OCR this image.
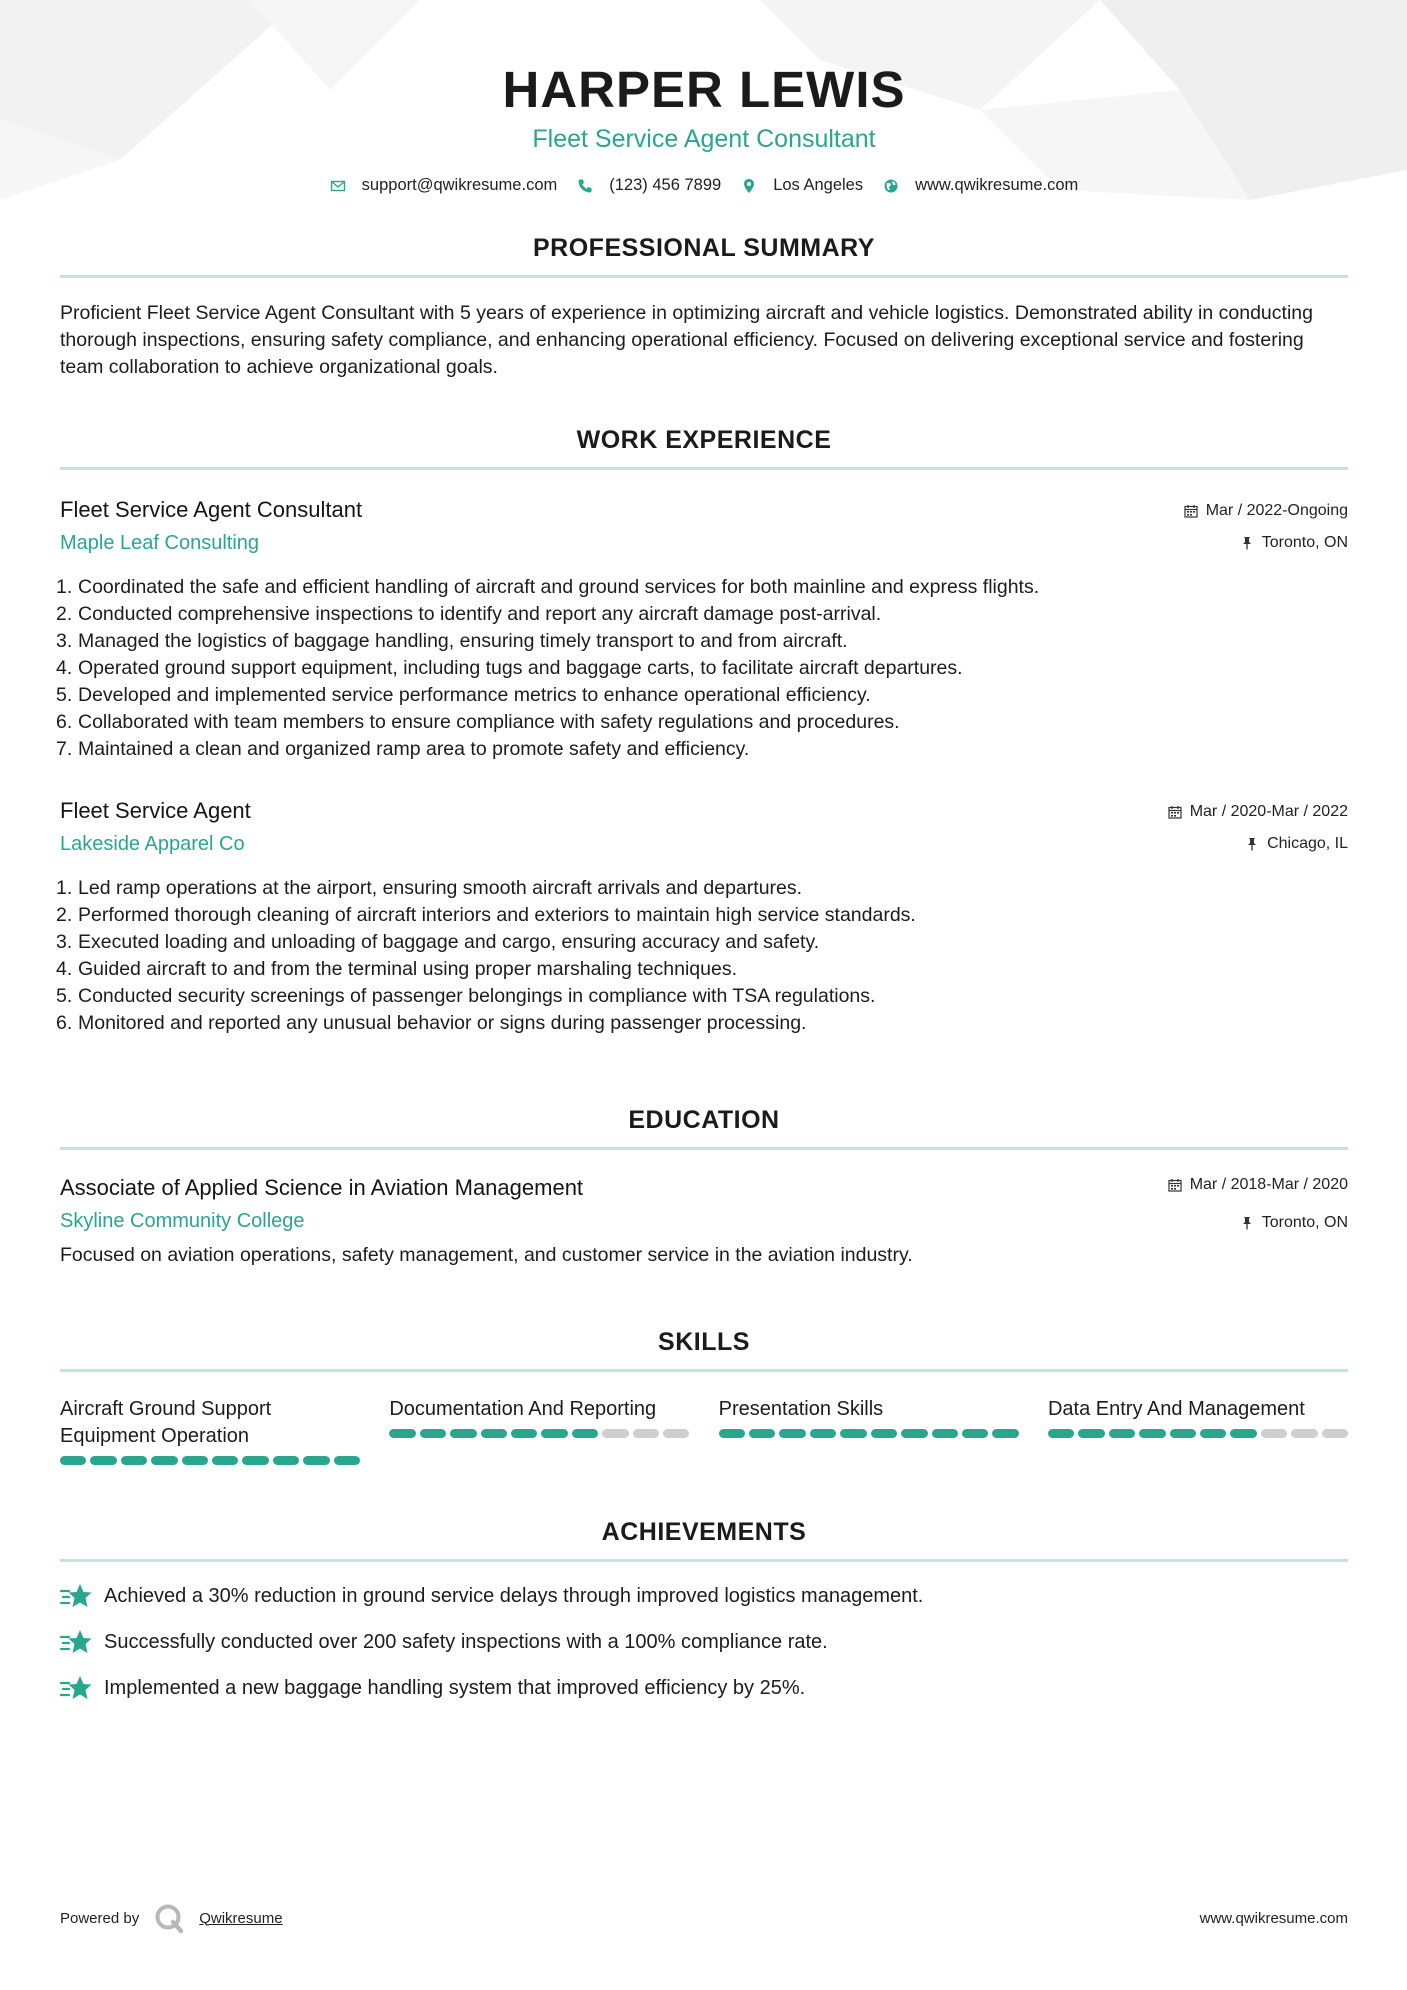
HARPER LEWIS
Fleet Service Agent Consultant
support@qwikresume.com	(123) 456 7899	Los Angeles	www.qwikresume.com
PROFESSIONAL SUMMARY

Proficient Fleet Service Agent Consultant with 5 years of experience in optimizing aircraft and vehicle logistics. Demonstrated ability in conducting thorough inspections, ensuring safety compliance, and enhancing operational efficiency. Focused on delivering exceptional service and fostering team collaboration to achieve organizational goals.

WORK EXPERIENCE
Fleet Service Agent Consultant
Maple Leaf Consulting
Mar / 2022-Ongoing
Toronto, ON
Coordinated the safe and efficient handling of aircraft and ground services for both mainline and express flights.
Conducted comprehensive inspections to identify and report any aircraft damage post-arrival.
Managed the logistics of baggage handling, ensuring timely transport to and from aircraft.
Operated ground support equipment, including tugs and baggage carts, to facilitate aircraft departures.
Developed and implemented service performance metrics to enhance operational efficiency.
Collaborated with team members to ensure compliance with safety regulations and procedures.
Maintained a clean and organized ramp area to promote safety and efficiency.
Fleet Service Agent
Lakeside Apparel Co
Mar / 2020-Mar / 2022
Chicago, IL
Led ramp operations at the airport, ensuring smooth aircraft arrivals and departures.
Performed thorough cleaning of aircraft interiors and exteriors to maintain high service standards.
Executed loading and unloading of baggage and cargo, ensuring accuracy and safety.
Guided aircraft to and from the terminal using proper marshaling techniques.
Conducted security screenings of passenger belongings in compliance with TSA regulations.
Monitored and reported any unusual behavior or signs during passenger processing.
EDUCATION
Associate of Applied Science in Aviation Management
Skyline Community College
Mar / 2018-Mar / 2020
Toronto, ON
Focused on aviation operations, safety management, and customer service in the aviation industry.
SKILLS
Aircraft Ground Support Equipment Operation
Documentation And Reporting	Presentation Skills	Data Entry And Management
ACHIEVEMENTS
Achieved a 30% reduction in ground service delays through improved logistics management.
Successfully conducted over 200 safety inspections with a 100% compliance rate.
Implemented a new baggage handling system that improved efficiency by 25%.
Powered by	Qwikresume	www.qwikresume.com
